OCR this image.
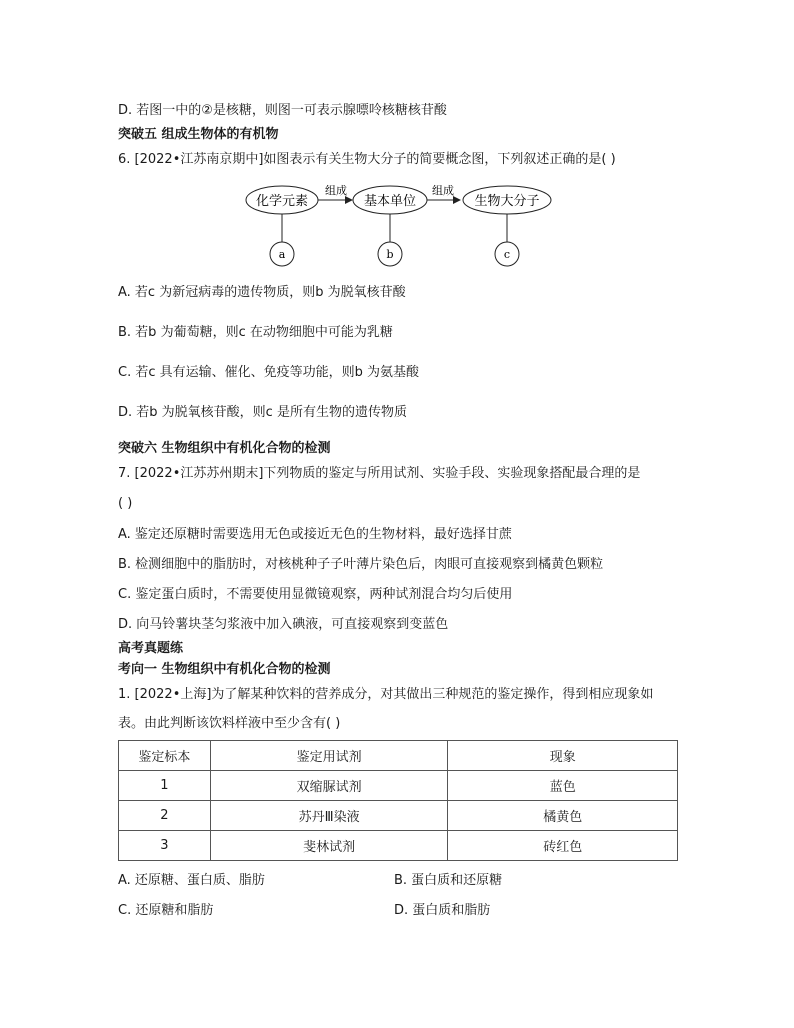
D. 若图一中的②是核糖，则图一可表示腺嘌呤核糖核苷酸
突破五 组成生物体的有机物
6. [2022•江苏南京期中]如图表示有关生物大分子的简要概念图，下列叙述正确的是( )
化学元素
组成
基本单位
组成
生物大分子
a	b	c
A. 若c 为新冠病毒的遗传物质，则b 为脱氧核苷酸
B. 若b 为葡萄糖，则c 在动物细胞中可能为乳糖
C. 若c 具有运输、催化、免疫等功能，则b 为氨基酸
D. 若b 为脱氧核苷酸，则c 是所有生物的遗传物质
突破六 生物组织中有机化合物的检测
7. [2022•江苏苏州期末]下列物质的鉴定与所用试剂、实验手段、实验现象搭配最合理的是
( )
A. 鉴定还原糖时需要选用无色或接近无色的生物材料，最好选择甘蔗
B. 检测细胞中的脂肪时，对核桃种子子叶薄片染色后，肉眼可直接观察到橘黄色颗粒
C. 鉴定蛋白质时，不需要使用显微镜观察，两种试剂混合均匀后使用
D. 向马铃薯块茎匀浆液中加入碘液，可直接观察到变蓝色
高考真题练
考向一 生物组织中有机化合物的检测
1. [2022•上海]为了解某种饮料的营养成分，对其做出三种规范的鉴定操作，得到相应现象如
表。由此判断该饮料样液中至少含有( )
鉴定标本	鉴定用试剂	现象
1	双缩脲试剂	蓝色
2	苏丹Ⅲ染液	橘黄色
3	斐林试剂	砖红色
A. 还原糖、蛋白质、脂肪	B. 蛋白质和还原糖
C. 还原糖和脂肪	D. 蛋白质和脂肪
